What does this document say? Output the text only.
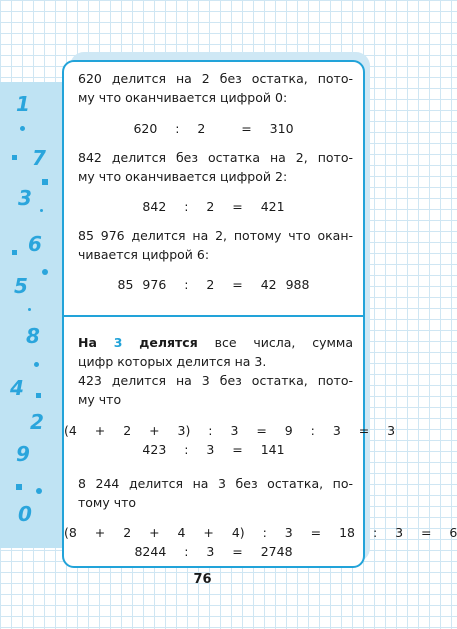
1
7
3
6
5
8
4
2
9
0
620 делится на 2 без остатка, пото-
му что оканчивается цифрой 0:
620  :  2    =  310
842 делится без остатка на 2, пото-
му что оканчивается цифрой 2:
842  :  2  =  421
85 976 делится на 2, потому что окан-
чивается цифрой 6:
85 976  :  2  =  42 988
На 3 делятся все числа, сумма
цифр которых делится на 3.
423 делится на 3 без остатка, пото-
му что
(4  +  2  +  3)  :  3  =  9  :  3  =  3
423  :  3  =  141
8 244 делится на 3 без остатка, по-
тому что
(8  +  2  +  4  +  4)  :  3  =  18  :  3  =  6
8244  :  3  =  2748
76
